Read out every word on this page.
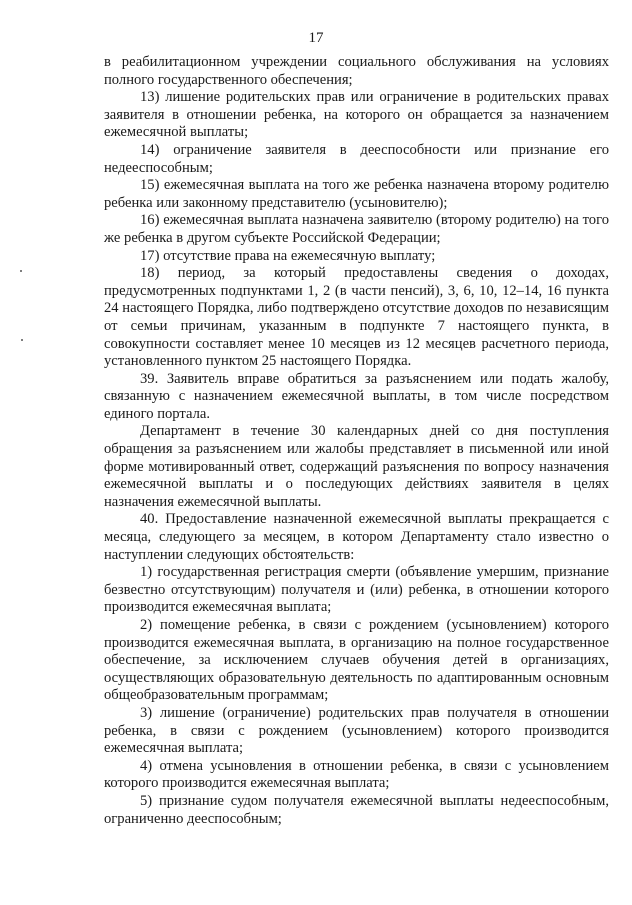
17

в реабилитационном учреждении социального обслуживания на условиях полного государственного обеспечения;

13) лишение родительских прав или ограничение в родительских правах заявителя в отношении ребенка, на которого он обращается за назначением ежемесячной выплаты;

14) ограничение заявителя в дееспособности или признание его недееспособным;

15) ежемесячная выплата на того же ребенка назначена второму родителю ребенка или законному представителю (усыновителю);

16) ежемесячная выплата назначена заявителю (второму родителю) на того же ребенка в другом субъекте Российской Федерации;

17) отсутствие права на ежемесячную выплату;

18) период, за который предоставлены сведения о доходах, предусмотренных подпунктами 1, 2 (в части пенсий), 3, 6, 10, 12–14, 16 пункта 24 настоящего Порядка, либо подтверждено отсутствие доходов по независящим от семьи причинам, указанным в подпункте 7 настоящего пункта, в совокупности составляет менее 10 месяцев из 12 месяцев расчетного периода, установленного пунктом 25 настоящего Порядка.

39. Заявитель вправе обратиться за разъяснением или подать жалобу, связанную с назначением ежемесячной выплаты, в том числе посредством единого портала.

Департамент в течение 30 календарных дней со дня поступления обращения за разъяснением или жалобы представляет в письменной или иной форме мотивированный ответ, содержащий разъяснения по вопросу назначения ежемесячной выплаты и о последующих действиях заявителя в целях назначения ежемесячной выплаты.

40. Предоставление назначенной ежемесячной выплаты прекращается с месяца, следующего за месяцем, в котором Департаменту стало известно о наступлении следующих обстоятельств:

1) государственная регистрация смерти (объявление умершим, признание безвестно отсутствующим) получателя и (или) ребенка, в отношении которого производится ежемесячная выплата;

2) помещение ребенка, в связи с рождением (усыновлением) которого производится ежемесячная выплата, в организацию на полное государственное обеспечение, за исключением случаев обучения детей в организациях, осуществляющих образовательную деятельность по адаптированным основным общеобразовательным программам;

3) лишение (ограничение) родительских прав получателя в отношении ребенка, в связи с рождением (усыновлением) которого производится ежемесячная выплата;

4) отмена усыновления в отношении ребенка, в связи с усыновлением которого производится ежемесячная выплата;

5) признание судом получателя ежемесячной выплаты недееспособным, ограниченно дееспособным;
